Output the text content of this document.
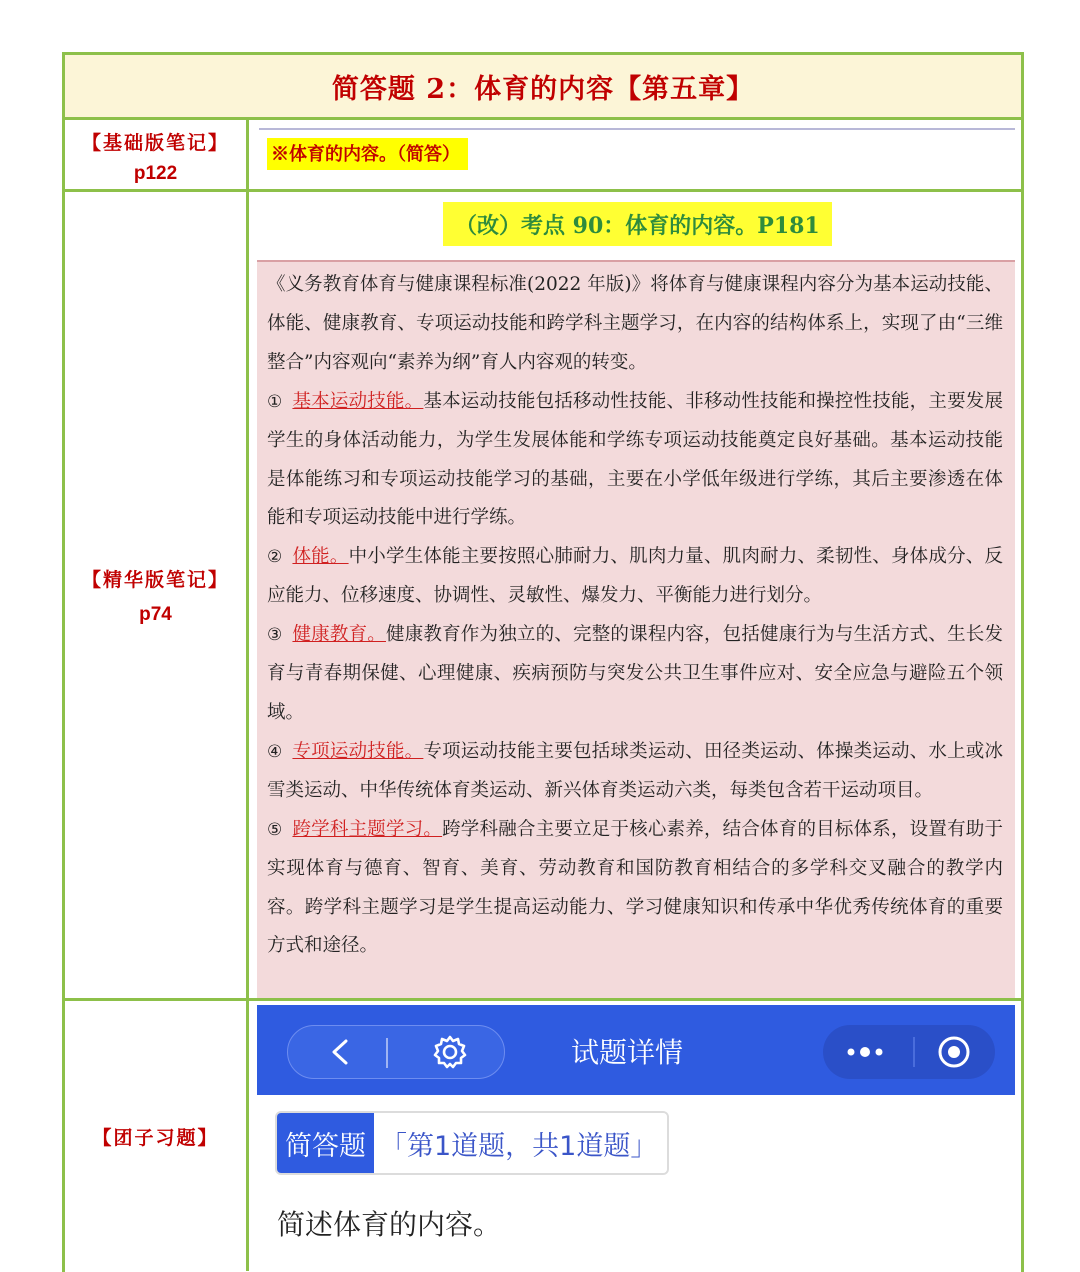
简答题 2：体育的内容【第五章】
【基础版笔记】
p122
※体育的内容。（简答）
【精华版笔记】
p74
（改）考点 90：体育的内容。P181

《义务教育体育与健康课程标准(2022 年版)》将体育与健康课程内容分为基本运动技能、体能、健康教育、专项运动技能和跨学科主题学习，在内容的结构体系上，实现了由“三维整合”内容观向“素养为纲”育人内容观的转变。

① 基本运动技能。基本运动技能包括移动性技能、非移动性技能和操控性技能，主要发展学生的身体活动能力，为学生发展体能和学练专项运动技能奠定良好基础。基本运动技能是体能练习和专项运动技能学习的基础，主要在小学低年级进行学练，其后主要渗透在体能和专项运动技能中进行学练。

② 体能。中小学生体能主要按照心肺耐力、肌肉力量、肌肉耐力、柔韧性、身体成分、反应能力、位移速度、协调性、灵敏性、爆发力、平衡能力进行划分。

③ 健康教育。健康教育作为独立的、完整的课程内容，包括健康行为与生活方式、生长发育与青春期保健、心理健康、疾病预防与突发公共卫生事件应对、安全应急与避险五个领域。

④ 专项运动技能。专项运动技能主要包括球类运动、田径类运动、体操类运动、水上或冰雪类运动、中华传统体育类运动、新兴体育类运动六类，每类包含若干运动项目。

⑤ 跨学科主题学习。跨学科融合主要立足于核心素养，结合体育的目标体系，设置有助于实现体育与德育、智育、美育、劳动教育和国防教育相结合的多学科交叉融合的教学内容。跨学科主题学习是学生提高运动能力、学习健康知识和传承中华优秀传统体育的重要方式和途径。

【团子习题】
试题详情
简答题 「第1道题，共1道题」
简述体育的内容。
